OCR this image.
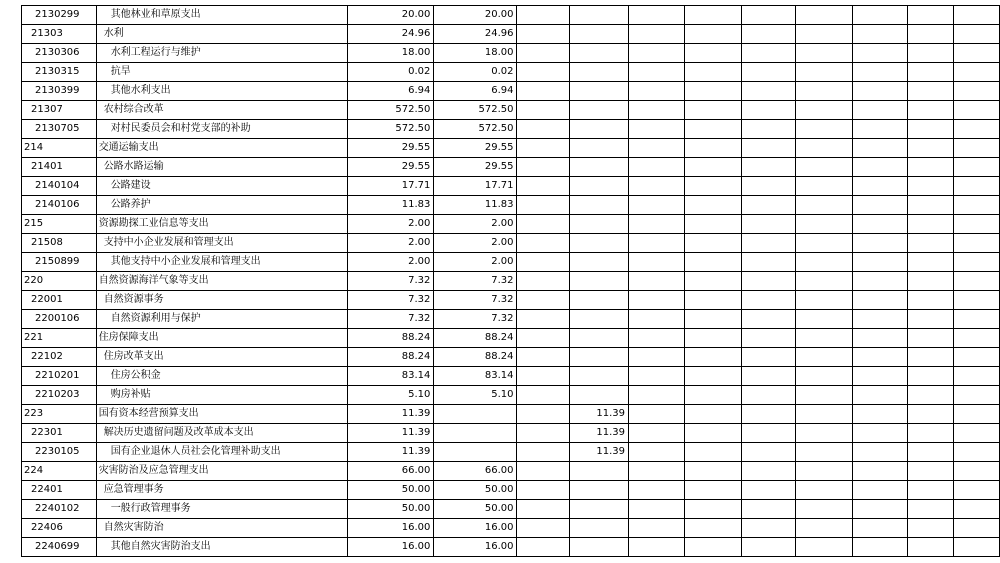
2130299	其他林业和草原支出	20.00	20.00									
21303	水利	24.96	24.96									
2130306	水利工程运行与维护	18.00	18.00									
2130315	抗旱	0.02	0.02									
2130399	其他水利支出	6.94	6.94									
21307	农村综合改革	572.50	572.50									
2130705	对村民委员会和村党支部的补助	572.50	572.50									
214	交通运输支出	29.55	29.55									
21401	公路水路运输	29.55	29.55									
2140104	公路建设	17.71	17.71									
2140106	公路养护	11.83	11.83									
215	资源勘探工业信息等支出	2.00	2.00									
21508	支持中小企业发展和管理支出	2.00	2.00									
2150899	其他支持中小企业发展和管理支出	2.00	2.00									
220	自然资源海洋气象等支出	7.32	7.32									
22001	自然资源事务	7.32	7.32									
2200106	自然资源利用与保护	7.32	7.32									
221	住房保障支出	88.24	88.24									
22102	住房改革支出	88.24	88.24									
2210201	住房公积金	83.14	83.14									
2210203	购房补贴	5.10	5.10									
223	国有资本经营预算支出	11.39			11.39							
22301	解决历史遗留问题及改革成本支出	11.39			11.39							
2230105	国有企业退休人员社会化管理补助支出	11.39			11.39							
224	灾害防治及应急管理支出	66.00	66.00									
22401	应急管理事务	50.00	50.00									
2240102	一般行政管理事务	50.00	50.00									
22406	自然灾害防治	16.00	16.00									
2240699	其他自然灾害防治支出	16.00	16.00									
